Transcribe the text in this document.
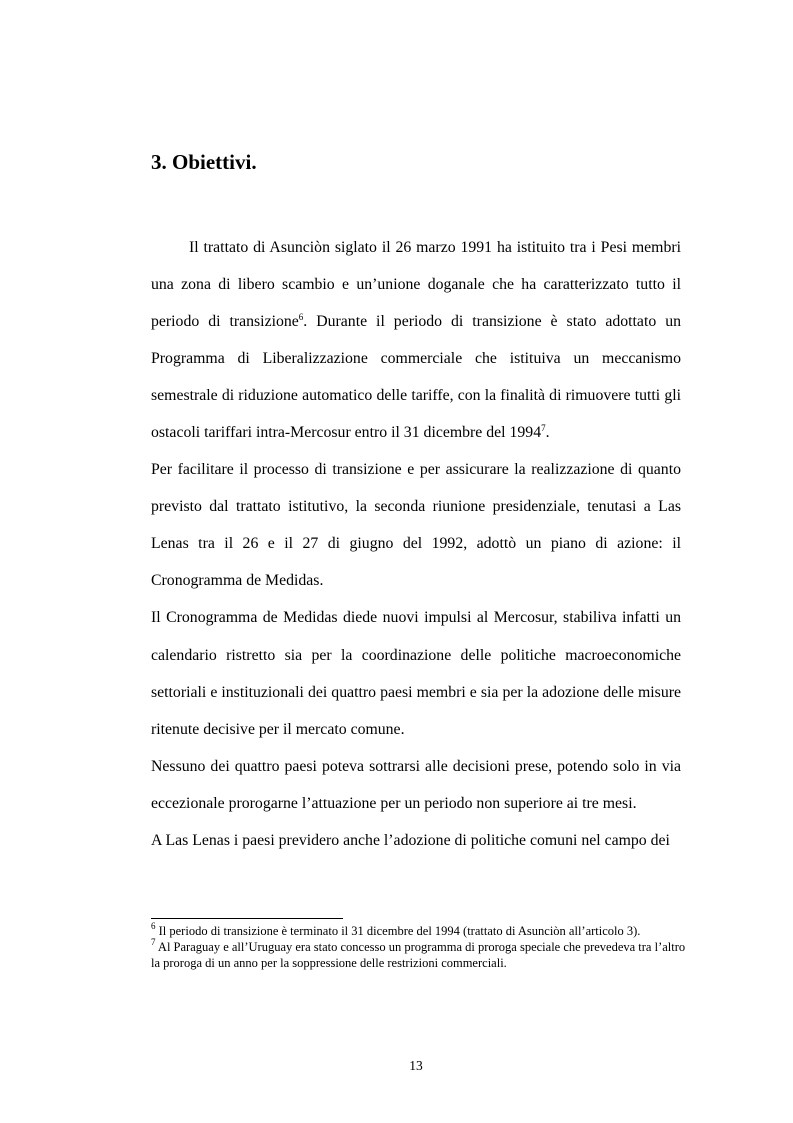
3. Obiettivi.

Il trattato di Asunciòn siglato il 26 marzo 1991 ha istituito tra i Pesi membri una zona di libero scambio e un’unione doganale che ha caratterizzato tutto il periodo di transizione$^6$. Durante il periodo di transizione è stato adottato un Programma di Liberalizzazione commerciale che istituiva un meccanismo semestrale di riduzione automatico delle tariffe, con la finalità di rimuovere tutti gli ostacoli tariffari intra-Mercosur entro il 31 dicembre del 1994$^7$.

Per facilitare il processo di transizione e per assicurare la realizzazione di quanto previsto dal trattato istitutivo, la seconda riunione presidenziale, tenutasi a Las Lenas tra il 26 e il 27 di giugno del 1992, adottò un piano di azione: il Cronogramma de Medidas.

Il Cronogramma de Medidas diede nuovi impulsi al Mercosur, stabiliva infatti un calendario ristretto sia per la coordinazione delle politiche macroeconomiche settoriali e instituzionali dei quattro paesi membri e sia per la adozione delle misure ritenute decisive per il mercato comune.

Nessuno dei quattro paesi poteva sottrarsi alle decisioni prese, potendo solo in via eccezionale prorogarne l’attuazione per un periodo non superiore ai tre mesi.

A Las Lenas i paesi previdero anche l’adozione di politiche comuni nel campo dei

$^6$ Il periodo di transizione è terminato il 31 dicembre del 1994 (trattato di Asunciòn all’articolo 3).

$^7$ Al Paraguay e all’Uruguay era stato concesso un programma di proroga speciale che prevedeva tra l’altro la proroga di un anno per la soppressione delle restrizioni commerciali.

13
